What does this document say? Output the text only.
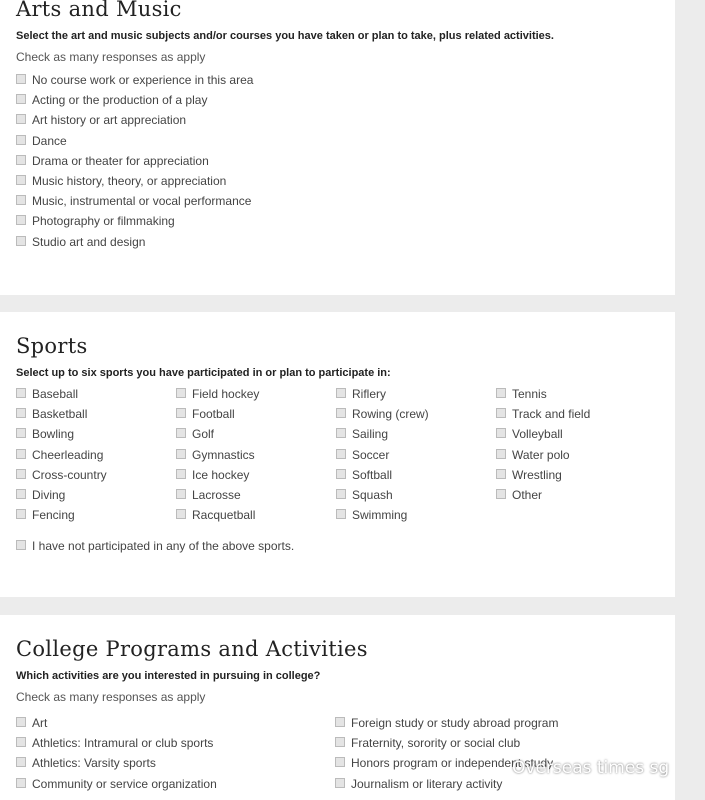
Arts and Music
Select the art and music subjects and/or courses you have taken or plan to take, plus related activities.
Check as many responses as apply
No course work or experience in this area
Acting or the production of a play
Art history or art appreciation
Dance
Drama or theater for appreciation
Music history, theory, or appreciation
Music, instrumental or vocal performance
Photography or filmmaking
Studio art and design
Sports
Select up to six sports you have participated in or plan to participate in:
Baseball
Basketball
Bowling
Cheerleading
Cross-country
Diving
Fencing
Field hockey
Football
Golf
Gymnastics
Ice hockey
Lacrosse
Racquetball
Riflery
Rowing (crew)
Sailing
Soccer
Softball
Squash
Swimming
Tennis
Track and field
Volleyball
Water polo
Wrestling
Other
I have not participated in any of the above sports.
College Programs and Activities
Which activities are you interested in pursuing in college?
Check as many responses as apply
Art
Athletics: Intramural or club sports
Athletics: Varsity sports
Community or service organization
Foreign study or study abroad program
Fraternity, sorority or social club
Honors program or independent study
Journalism or literary activity
Overseas times sg
